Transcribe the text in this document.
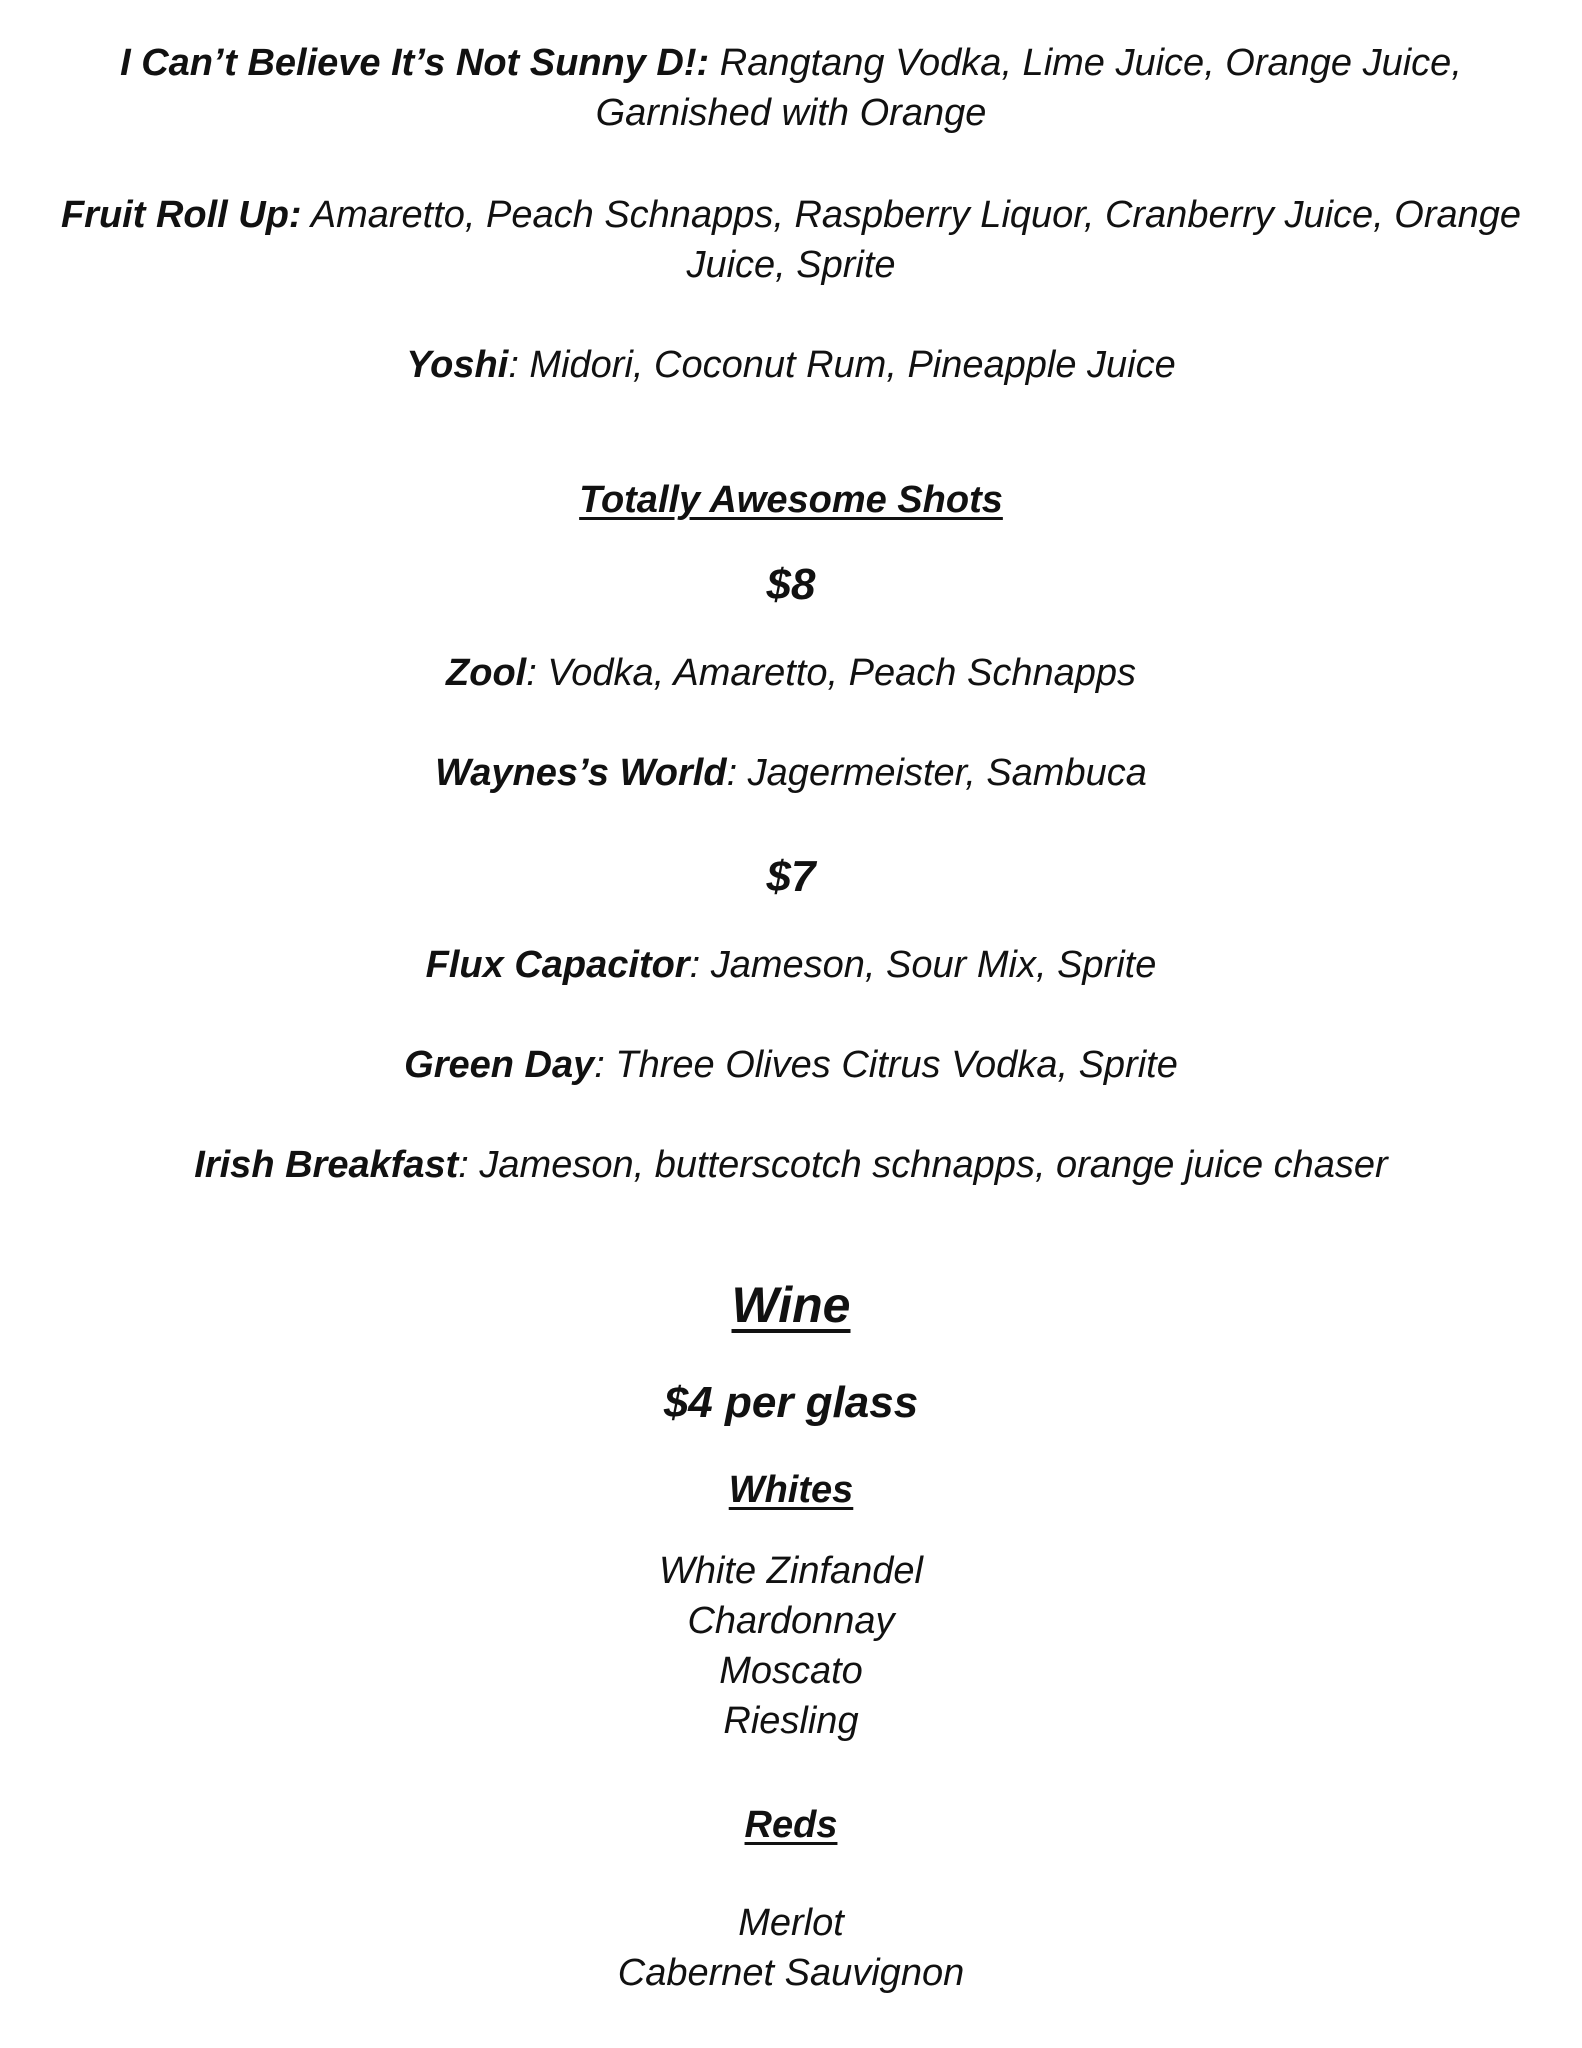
I Can’t Believe It’s Not Sunny D!: Rangtang Vodka, Lime Juice, Orange Juice, Garnished with Orange
Fruit Roll Up: Amaretto, Peach Schnapps, Raspberry Liquor, Cranberry Juice, Orange Juice, Sprite
Yoshi: Midori, Coconut Rum, Pineapple Juice
Totally Awesome Shots
$8
Zool: Vodka, Amaretto, Peach Schnapps
Waynes’s World: Jagermeister, Sambuca
$7
Flux Capacitor: Jameson, Sour Mix, Sprite
Green Day: Three Olives Citrus Vodka, Sprite
Irish Breakfast: Jameson, butterscotch schnapps, orange juice chaser
Wine
$4 per glass
Whites
White Zinfandel
Chardonnay
Moscato
Riesling
Reds
Merlot
Cabernet Sauvignon
